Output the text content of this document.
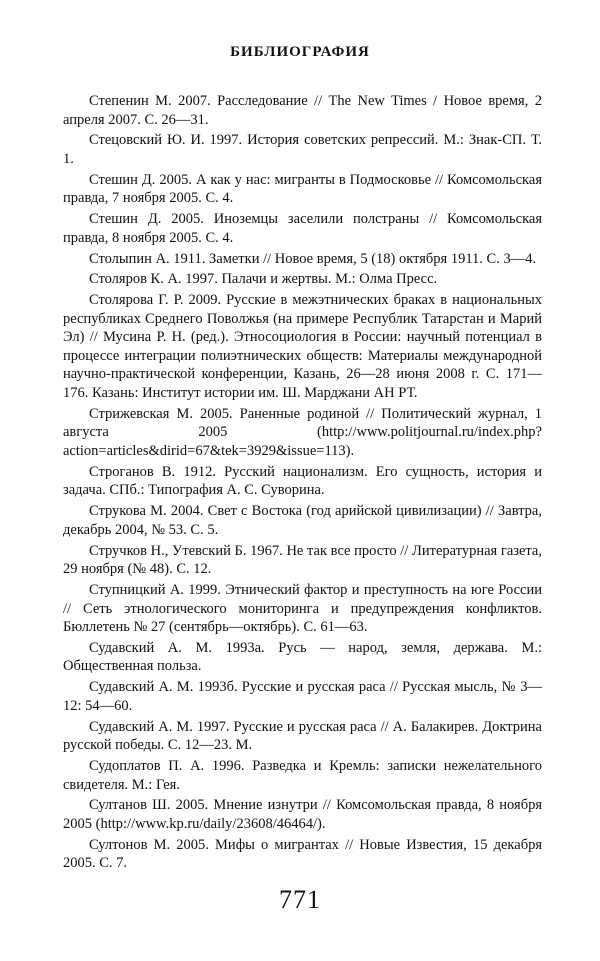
БИБЛИОГРАФИЯ
Степенин М. 2007. Расследование // The New Times / Новое время, 2 апреля 2007. С. 26—31.
Стецовский Ю. И. 1997. История советских репрессий. М.: Знак-СП. Т. 1.
Стешин Д. 2005. А как у нас: мигранты в Подмосковье // Комсомольская правда, 7 ноября 2005. С. 4.
Стешин Д. 2005. Иноземцы заселили полстраны // Комсомольская правда, 8 ноября 2005. С. 4.
Столыпин А. 1911. Заметки // Новое время, 5 (18) октября 1911. С. 3—4.
Столяров К. А. 1997. Палачи и жертвы. М.: Олма Пресс.
Столярова Г. Р. 2009. Русские в межэтнических браках в национальных республиках Среднего Поволжья (на примере Республик Татарстан и Марий Эл) // Мусина Р. Н. (ред.). Этносоциология в России: научный потенциал в процессе интеграции полиэтнических обществ: Материалы международной научно-практической конференции, Казань, 26—28 июня 2008 г. С. 171—176. Казань: Институт истории им. Ш. Марджани АН РТ.
Стрижевская М. 2005. Раненные родиной // Политический журнал, 1 августа 2005 (http://www.politjournal.ru/index.php?action=articles&dirid=67&tek=3929&issue=113).
Строганов В. 1912. Русский национализм. Его сущность, история и задача. СПб.: Типография А. С. Суворина.
Струкова М. 2004. Свет с Востока (год арийской цивилизации) // Завтра, декабрь 2004, № 53. С. 5.
Стручков Н., Утевский Б. 1967. Не так все просто // Литературная газета, 29 ноября (№ 48). С. 12.
Ступницкий А. 1999. Этнический фактор и преступность на юге России // Сеть этнологического мониторинга и предупреждения конфликтов. Бюллетень № 27 (сентябрь—октябрь). С. 61—63.
Судавский А. М. 1993а. Русь — народ, земля, держава. М.: Общественная польза.
Судавский А. М. 1993б. Русские и русская раса // Русская мысль, № 3—12: 54—60.
Судавский А. М. 1997. Русские и русская раса // А. Балакирев. Доктрина русской победы. С. 12—23. М.
Судоплатов П. А. 1996. Разведка и Кремль: записки нежелательного свидетеля. М.: Гея.
Султанов Ш. 2005. Мнение изнутри // Комсомольская правда, 8 ноября 2005 (http://www.kp.ru/daily/23608/46464/).
Султонов М. 2005. Мифы о мигрантах // Новые Известия, 15 декабря 2005. С. 7.
771
